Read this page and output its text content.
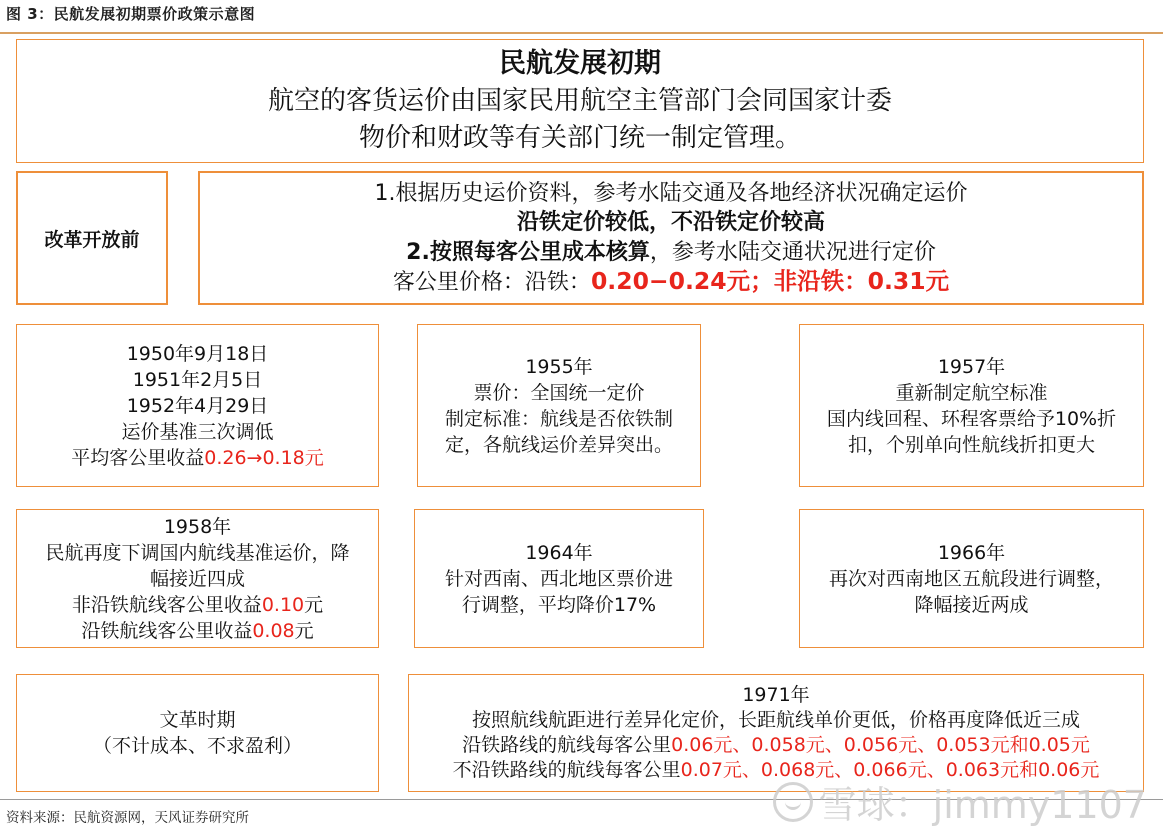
图 3：民航发展初期票价政策示意图
民航发展初期
航空的客货运价由国家民用航空主管部门会同国家计委
物价和财政等有关部门统一制定管理。
改革开放前
1.根据历史运价资料，参考水陆交通及各地经济状况确定运价
沿铁定价较低，不沿铁定价较高
2.按照每客公里成本核算，参考水陆交通状况进行定价
客公里价格：沿铁：0.20−0.24元；非沿铁：0.31元
1950年9月18日
1951年2月5日
1952年4月29日
运价基准三次调低
平均客公里收益0.26→0.18元
1955年
票价：全国统一定价
制定标准：航线是否依铁制
定，各航线运价差异突出。
1957年
重新制定航空标准
国内线回程、环程客票给予10%折
扣，个别单向性航线折扣更大
1958年
民航再度下调国内航线基准运价，降
幅接近四成
非沿铁航线客公里收益0.10元
沿铁航线客公里收益0.08元
1964年
针对西南、西北地区票价进
行调整，平均降价17%
1966年
再次对西南地区五航段进行调整，
降幅接近两成
文革时期
（不计成本、不求盈利）
1971年
按照航线航距进行差异化定价，长距航线单价更低，价格再度降低近三成
沿铁路线的航线每客公里0.06元、0.058元、0.056元、0.053元和0.05元
不沿铁路线的航线每客公里0.07元、0.068元、0.066元、0.063元和0.06元
资料来源：民航资源网，天风证券研究所	雪球：jimmy1107
